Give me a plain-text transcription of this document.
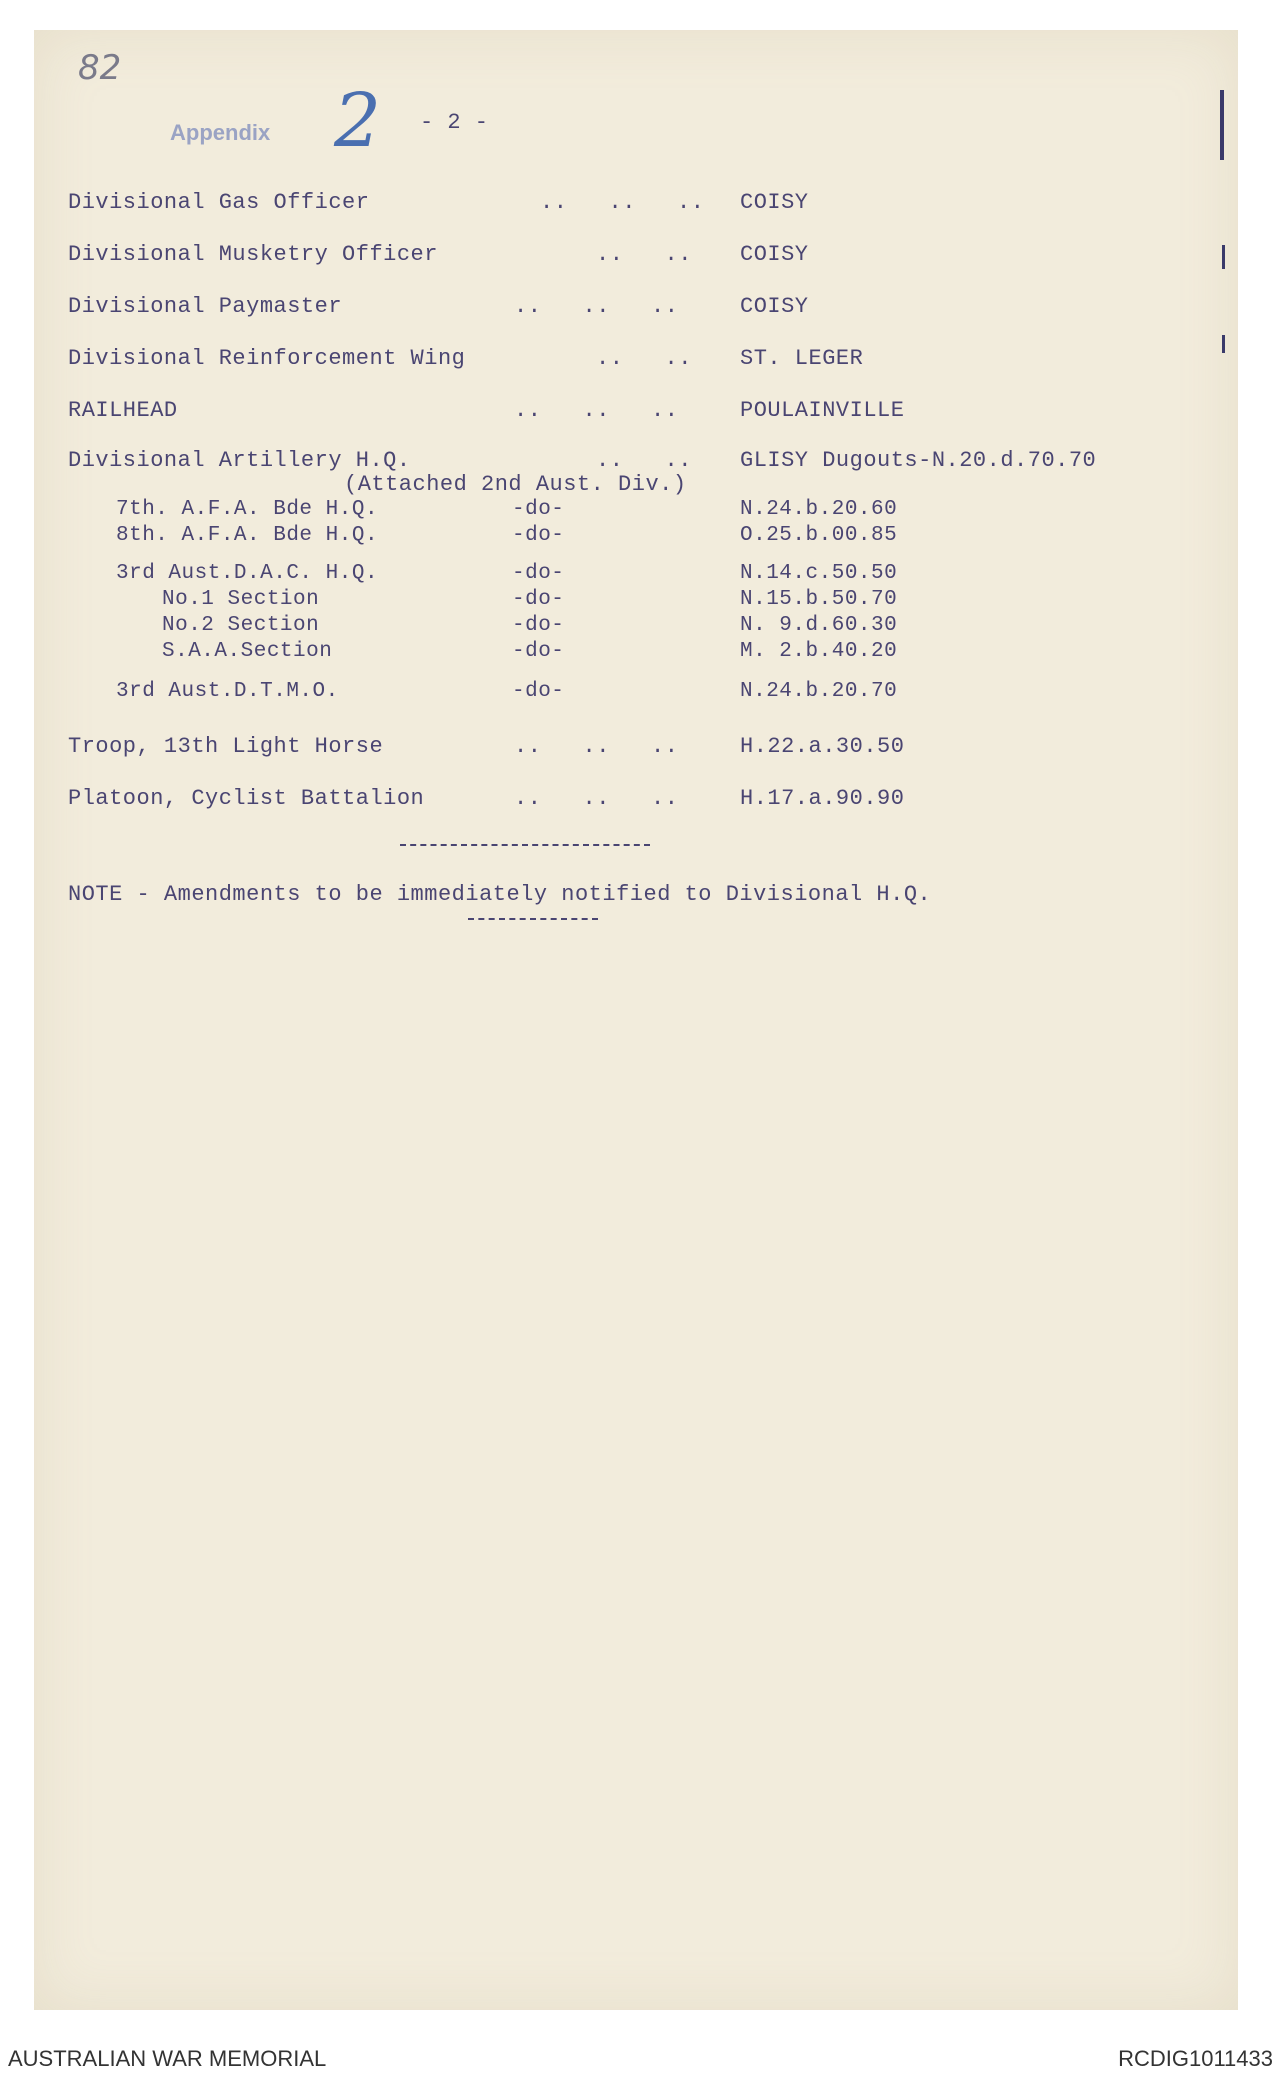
82
Appendix 2 - 2 -
Divisional Gas Officer	..   ..   .. COISY
Divisional Musketry Officer	..   .. COISY
Divisional Paymaster	..   ..   ..	COISY
Divisional Reinforcement Wing	..   .. ST. LEGER
RAILHEAD	..   ..   ..	POULAINVILLE
Divisional Artillery H.Q.	..   .. GLISY Dugouts-N.20.d.70.70
(Attached 2nd Aust. Div.)
7th. A.F.A. Bde H.Q.	-do-	N.24.b.20.60
8th. A.F.A. Bde H.Q.	-do-	O.25.b.00.85
3rd Aust.D.A.C. H.Q.	-do-	N.14.c.50.50
No.1 Section	-do-	N.15.b.50.70
No.2 Section	-do-	N. 9.d.60.30
S.A.A.Section	-do-	M. 2.b.40.20
3rd Aust.D.T.M.O.	-do-	N.24.b.20.70
Troop, 13th Light Horse	..   ..   ..	H.22.a.30.50
Platoon, Cyclist Battalion	..   ..   ..	H.17.a.90.90
NOTE - Amendments to be immediately notified to Divisional H.Q.
AUSTRALIAN WAR MEMORIAL	RCDIG1011433
